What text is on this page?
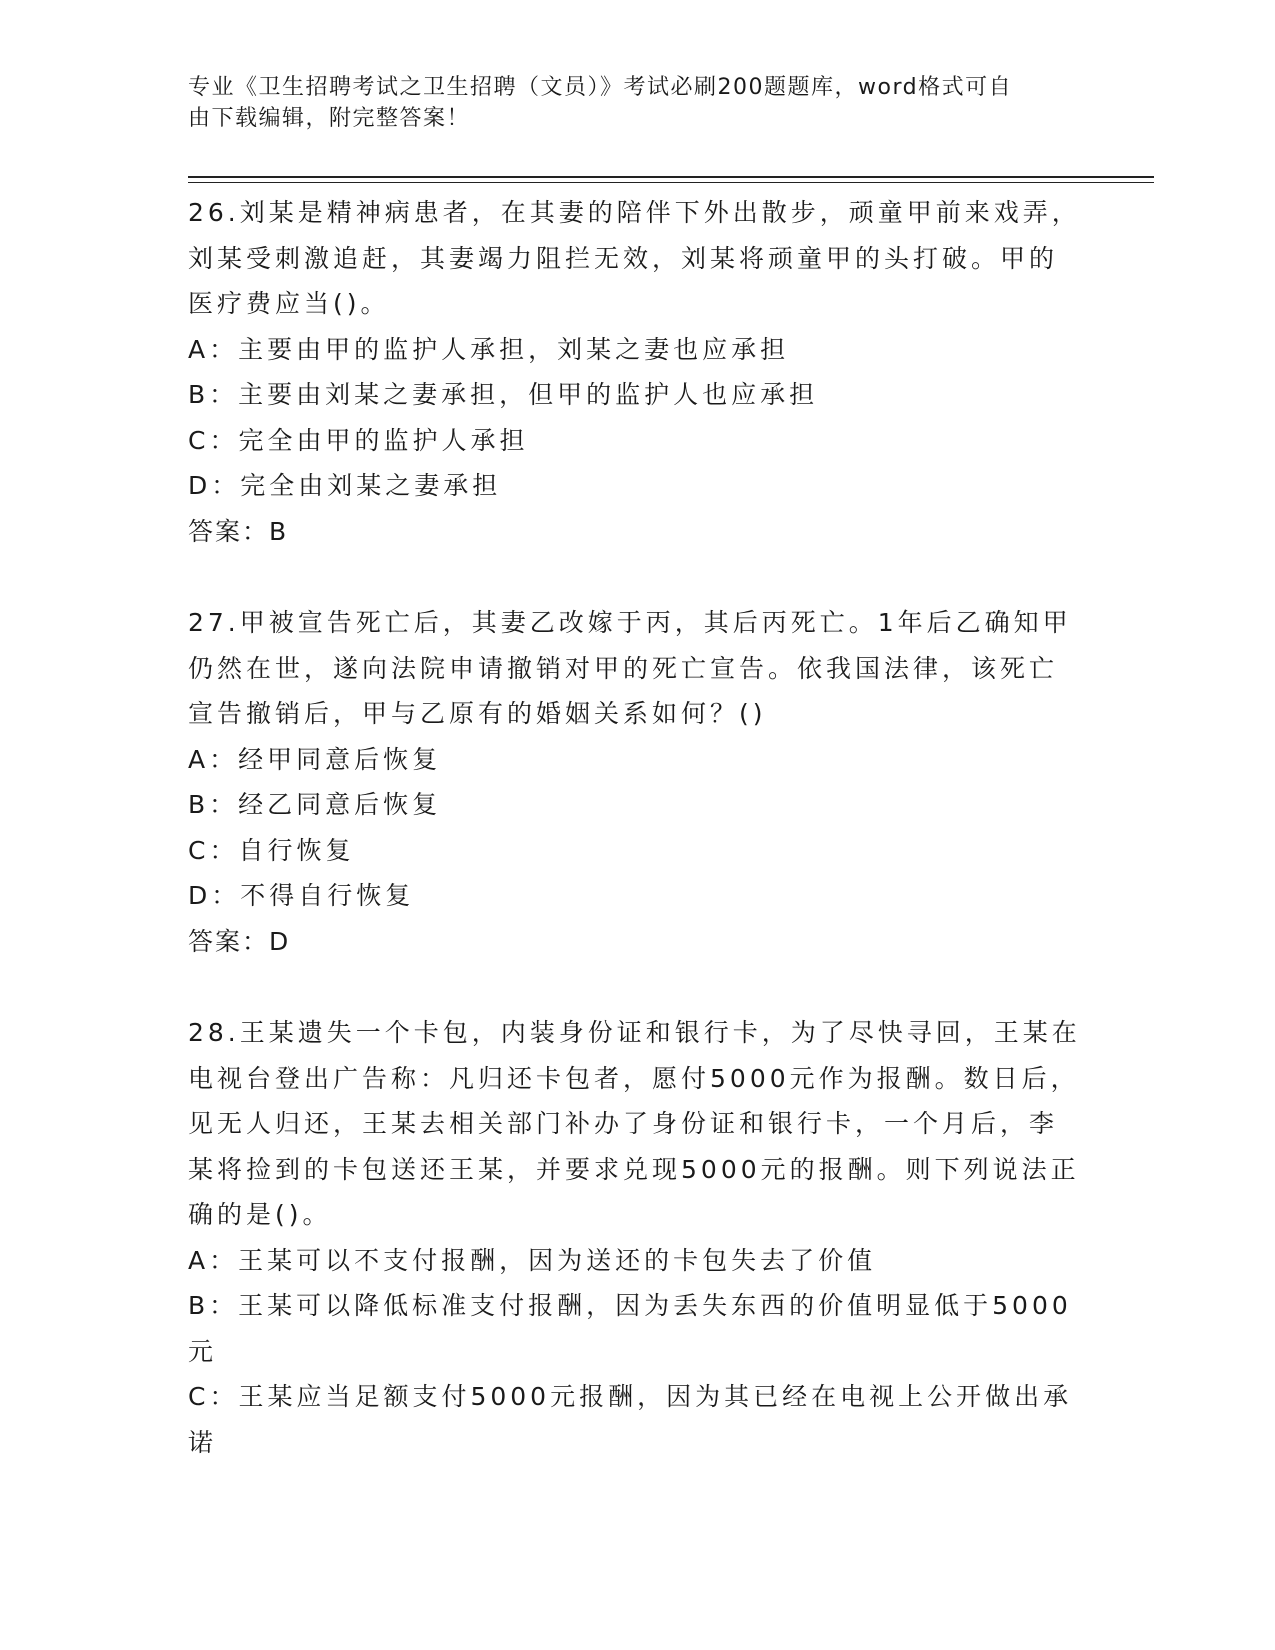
专业《卫生招聘考试之卫生招聘（文员）》考试必刷200题题库，word格式可自
由下载编辑，附完整答案！
26.刘某是精神病患者，在其妻的陪伴下外出散步，顽童甲前来戏弄，
刘某受刺激追赶，其妻竭力阻拦无效，刘某将顽童甲的头打破。甲的
医疗费应当()。
A：主要由甲的监护人承担，刘某之妻也应承担
B：主要由刘某之妻承担，但甲的监护人也应承担
C：完全由甲的监护人承担
D：完全由刘某之妻承担
答案：B
27.甲被宣告死亡后，其妻乙改嫁于丙，其后丙死亡。1年后乙确知甲
仍然在世，遂向法院申请撤销对甲的死亡宣告。依我国法律，该死亡
宣告撤销后，甲与乙原有的婚姻关系如何？()
A：经甲同意后恢复
B：经乙同意后恢复
C：自行恢复
D：不得自行恢复
答案：D
28.王某遗失一个卡包，内装身份证和银行卡，为了尽快寻回，王某在
电视台登出广告称：凡归还卡包者，愿付5000元作为报酬。数日后，
见无人归还，王某去相关部门补办了身份证和银行卡，一个月后，李
某将捡到的卡包送还王某，并要求兑现5000元的报酬。则下列说法正
确的是()。
A：王某可以不支付报酬，因为送还的卡包失去了价值
B：王某可以降低标准支付报酬，因为丢失东西的价值明显低于5000
元
C：王某应当足额支付5000元报酬，因为其已经在电视上公开做出承
诺
